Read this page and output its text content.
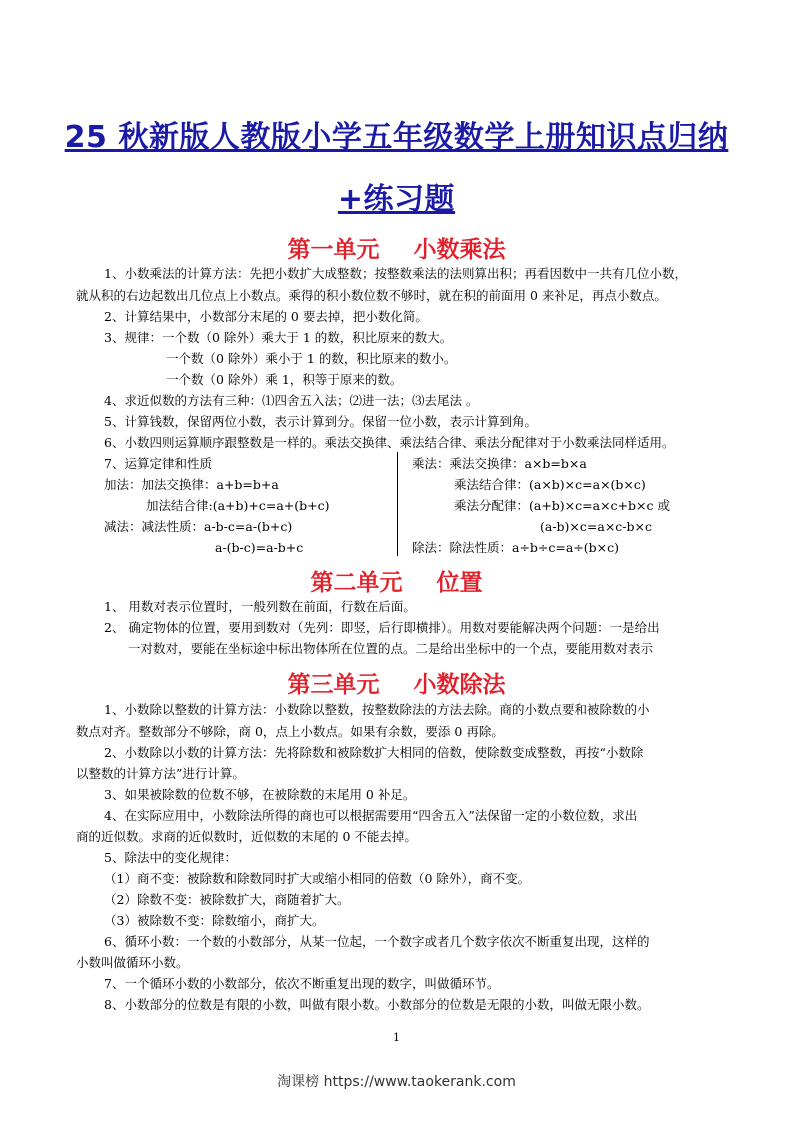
25 秋新版人教版小学五年级数学上册知识点归纳
+练习题
第一单元 小数乘法
1、小数乘法的计算方法：先把小数扩大成整数；按整数乘法的法则算出积；再看因数中一共有几位小数，
就从积的右边起数出几位点上小数点。乘得的积小数位数不够时，就在积的前面用 0 来补足，再点小数点。
2、计算结果中，小数部分末尾的 0 要去掉，把小数化简。
3、规律：一个数（0 除外）乘大于 1 的数，积比原来的数大。
一个数（0 除外）乘小于 1 的数，积比原来的数小。
一个数（0 除外）乘 1，积等于原来的数。
4、求近似数的方法有三种：⑴四舍五入法；⑵进一法；⑶去尾法 。
5、计算钱数，保留两位小数，表示计算到分。保留一位小数，表示计算到角。
6、小数四则运算顺序跟整数是一样的。乘法交换律、乘法结合律、乘法分配律对于小数乘法同样适用。
7、运算定律和性质
加法：加法交换律：a+b=b+a
加法结合律:(a+b)+c=a+(b+c)
减法：减法性质：a-b-c=a-(b+c)
a-(b-c)=a-b+c
乘法：乘法交换律：a×b=b×a
乘法结合律：(a×b)×c=a×(b×c)
乘法分配律：(a+b)×c=a×c+b×c 或
(a-b)×c=a×c-b×c
除法：除法性质：a÷b÷c=a÷(b×c)
第二单元 位置
1、 用数对表示位置时，一般列数在前面，行数在后面。
2、 确定物体的位置，要用到数对（先列：即竖，后行即横排）。用数对要能解决两个问题：一是给出
一对数对，要能在坐标途中标出物体所在位置的点。二是给出坐标中的一个点，要能用数对表示
第三单元 小数除法
1、小数除以整数的计算方法：小数除以整数，按整数除法的方法去除。商的小数点要和被除数的小
数点对齐。整数部分不够除，商 0，点上小数点。如果有余数，要添 0 再除。
2、小数除以小数的计算方法：先将除数和被除数扩大相同的倍数，使除数变成整数，再按“小数除
以整数的计算方法”进行计算。
3、如果被除数的位数不够，在被除数的末尾用 0 补足。
4、在实际应用中，小数除法所得的商也可以根据需要用“四舍五入”法保留一定的小数位数，求出
商的近似数。求商的近似数时，近似数的末尾的 0 不能去掉。
5、除法中的变化规律：
（1）商不变：被除数和除数同时扩大或缩小相同的倍数（0 除外），商不变。
（2）除数不变：被除数扩大，商随着扩大。
（3）被除数不变：除数缩小，商扩大。
6、循环小数：一个数的小数部分，从某一位起，一个数字或者几个数字依次不断重复出现，这样的
小数叫做循环小数。
7、一个循环小数的小数部分，依次不断重复出现的数字，叫做循环节。
8、小数部分的位数是有限的小数，叫做有限小数。小数部分的位数是无限的小数，叫做无限小数。
1
淘课榜 https://www.taokerank.com
